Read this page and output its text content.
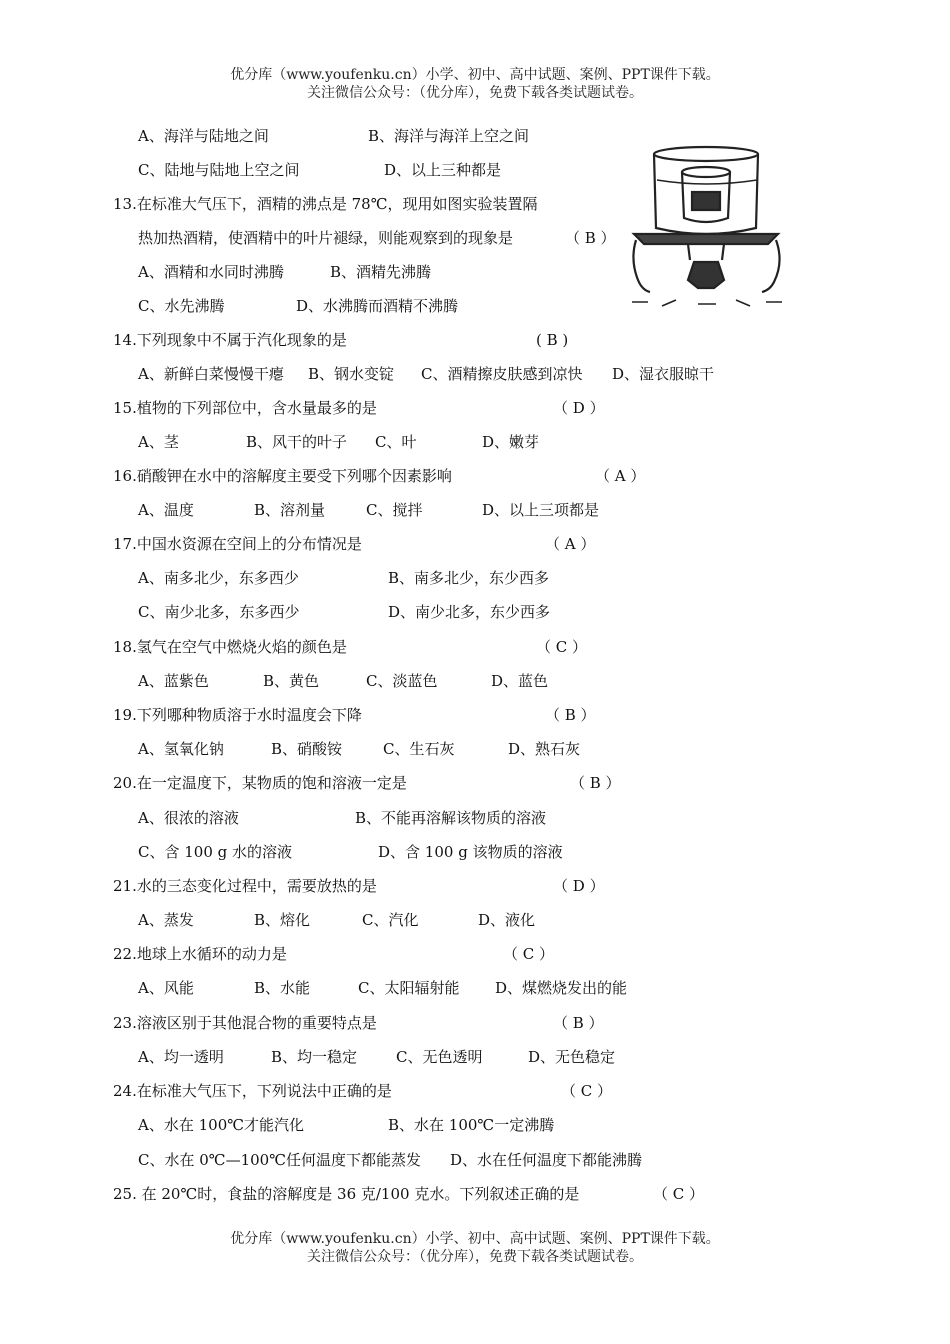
优分库（www.youfenku.cn）小学、初中、高中试题、案例、PPT课件下载。
关注微信公众号：（优分库），免费下载各类试题试卷。
A、海洋与陆地之间	B、海洋与海洋上空之间
C、陆地与陆地上空之间	D、以上三种都是
13.在标准大气压下，酒精的沸点是 78℃，现用如图实验装置隔
热加热酒精，使酒精中的叶片褪绿，则能观察到的现象是	（ B ）
A、酒精和水同时沸腾	B、酒精先沸腾
C、水先沸腾	D、水沸腾而酒精不沸腾
14.下列现象中不属于汽化现象的是	( B )
A、新鲜白菜慢慢干瘪 B、钢水变锭 C、酒精擦皮肤感到凉快 D、湿衣服晾干
15.植物的下列部位中，含水量最多的是	（ D ）
A、茎	B、风干的叶子 C、叶	D、嫩芽
16.硝酸钾在水中的溶解度主要受下列哪个因素影响	（ A ）
A、温度	B、溶剂量	C、搅拌	D、以上三项都是
17.中国水资源在空间上的分布情况是	（ A ）
A、南多北少，东多西少	B、南多北少，东少西多
C、南少北多，东多西少	D、南少北多，东少西多
18.氢气在空气中燃烧火焰的颜色是	（ C ）
A、蓝紫色	B、黄色	C、淡蓝色	D、蓝色
19.下列哪种物质溶于水时温度会下降	（ B ）
A、氢氧化钠	B、硝酸铵	C、生石灰	D、熟石灰
20.在一定温度下，某物质的饱和溶液一定是	（ B ）
A、很浓的溶液	B、不能再溶解该物质的溶液
C、含 100 g 水的溶液	D、含 100 g 该物质的溶液
21.水的三态变化过程中，需要放热的是	（ D ）
A、蒸发	B、熔化	C、汽化	D、液化
22.地球上水循环的动力是	（ C ）
A、风能	B、水能	C、太阳辐射能 D、煤燃烧发出的能
23.溶液区别于其他混合物的重要特点是	（ B ）
A、均一透明	B、均一稳定	C、无色透明	D、无色稳定
24.在标准大气压下，下列说法中正确的是	（ C ）
A、水在 100℃才能汽化	B、水在 100℃一定沸腾
C、水在 0℃—100℃任何温度下都能蒸发 D、水在任何温度下都能沸腾
25. 在 20℃时，食盐的溶解度是 36 克/100 克水。下列叙述正确的是	（ C ）
优分库（www.youfenku.cn）小学、初中、高中试题、案例、PPT课件下载。
关注微信公众号：（优分库），免费下载各类试题试卷。
